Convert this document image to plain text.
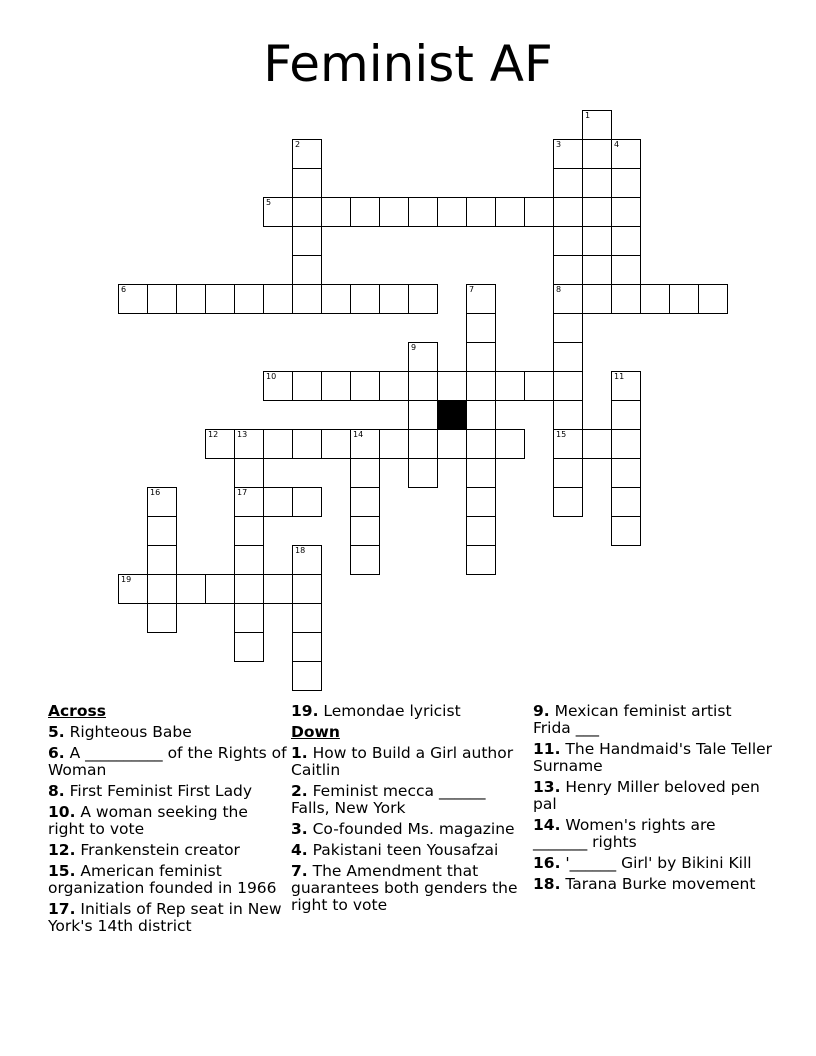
Feminist AF
1
2	3
8
15
4
5
6	7
9
10	11
12 13	14
17
16
18
19
Across
5. Righteous Babe
6. A __________ of the Rights of Woman
8. First Feminist First Lady
10. A woman seeking the right to vote
12. Frankenstein creator
15. American feminist organization founded in 1966
17. Initials of Rep seat in New York's 14th district
19. Lemondae lyricist
Down
1. How to Build a Girl author Caitlin
2. Feminist mecca ______ Falls, New York
3. Co-founded Ms. magazine
4. Pakistani teen Yousafzai
7. The Amendment that guarantees both genders the right to vote
9. Mexican feminist artist Frida ___
11. The Handmaid's Tale Teller Surname
13. Henry Miller beloved pen pal
14. Women's rights are _______ rights
16. '______ Girl' by Bikini Kill
18. Tarana Burke movement
